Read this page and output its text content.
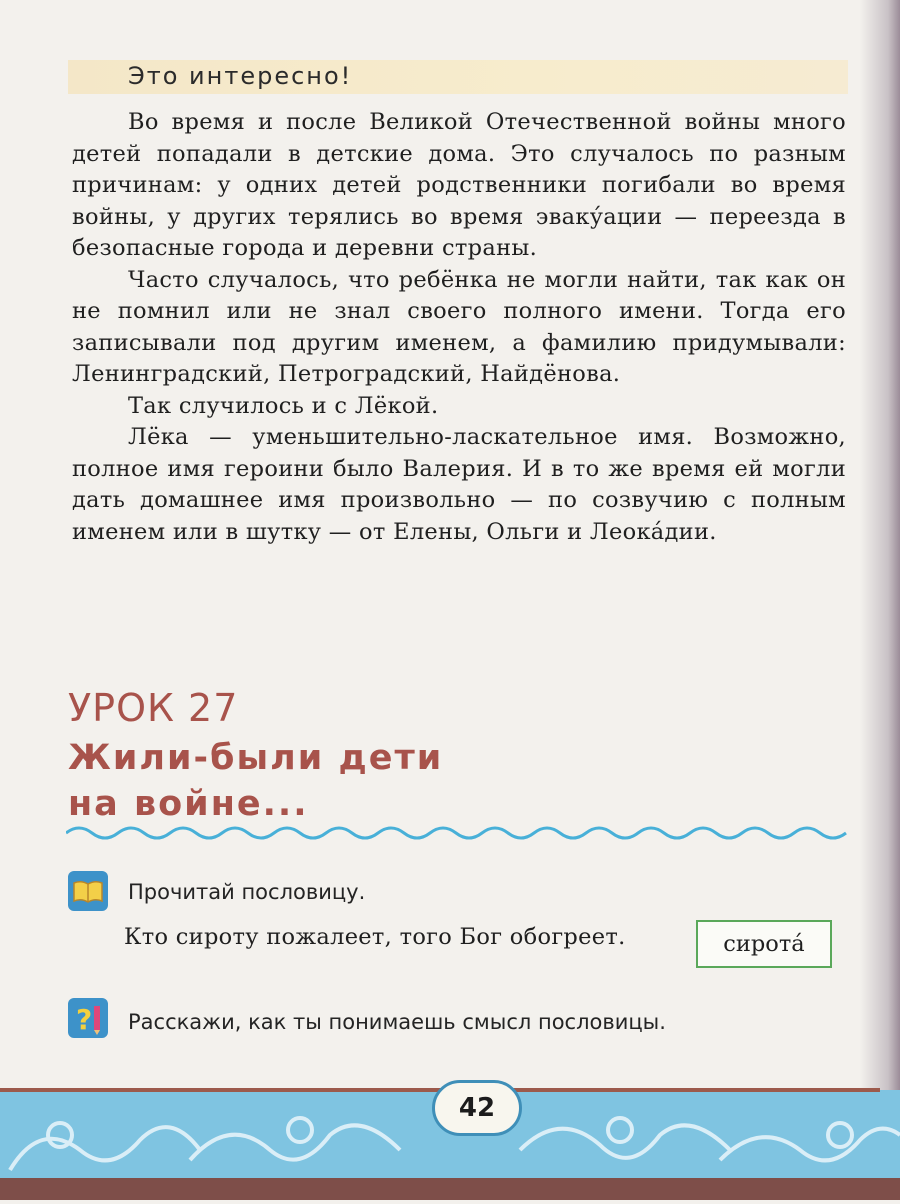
Это интересно!

Во время и после Великой Отечественной войны много детей попадали в детские дома. Это случалось по разным причинам: у одних детей родственники погибали во время войны, у других терялись во время эваку́ации — переезда в безопасные города и деревни страны.

Часто случалось, что ребёнка не могли найти, так как он не помнил или не знал своего полного имени. Тогда его записывали под другим именем, а фамилию придумывали: Ленинградский, Петроградский, Найдёнова.

Так случилось и с Лёкой.

Лёка — уменьшительно-ласкательное имя. Возможно, полное имя героини было Валерия. И в то же время ей могли дать домашнее имя произвольно — по созвучию с полным именем или в шутку — от Елены, Ольги и Леока́дии.

УРОК 27
Жили-были дети
на войне...
Прочитай пословицу.
Кто сироту пожалеет, того Бог обогреет.	сирота́
? Расскажи, как ты понимаешь смысл пословицы.
42
